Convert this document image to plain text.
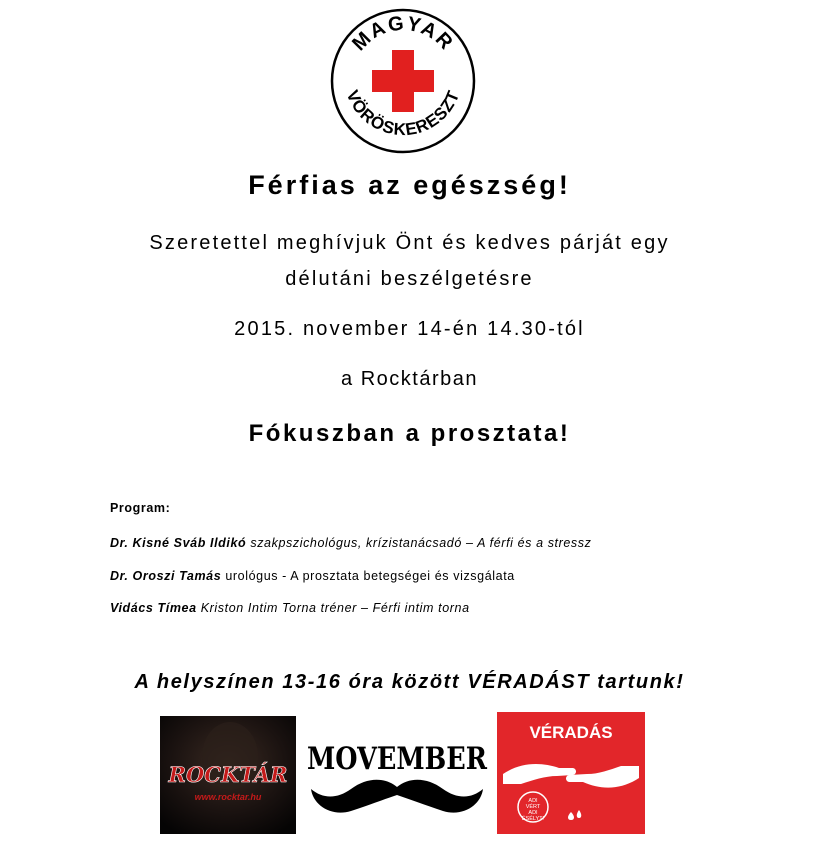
MAGYAR
VÖRÖSKERESZT
Férfias az egészség!
Szeretettel meghívjuk Önt és kedves párját egy
délutáni beszélgetésre
2015. november 14-én 14.30-tól
a Rocktárban
Fókuszban a prosztata!
Program:
Dr. Kisné Sváb Ildikó szakpszichológus, krízistanácsadó – A férfi és a stressz
Dr. Oroszi Tamás urológus - A prosztata betegségei és vizsgálata
Vidács Tímea Kriston Intim Torna tréner – Férfi intim torna
A helyszínen 13-16 óra között VÉRADÁST tartunk!
ROCKTÁR
www.rocktar.hu
MOVEMBER
VÉRADÁS
ADI
VÉRT
ADI
ÉSÉLYT!
